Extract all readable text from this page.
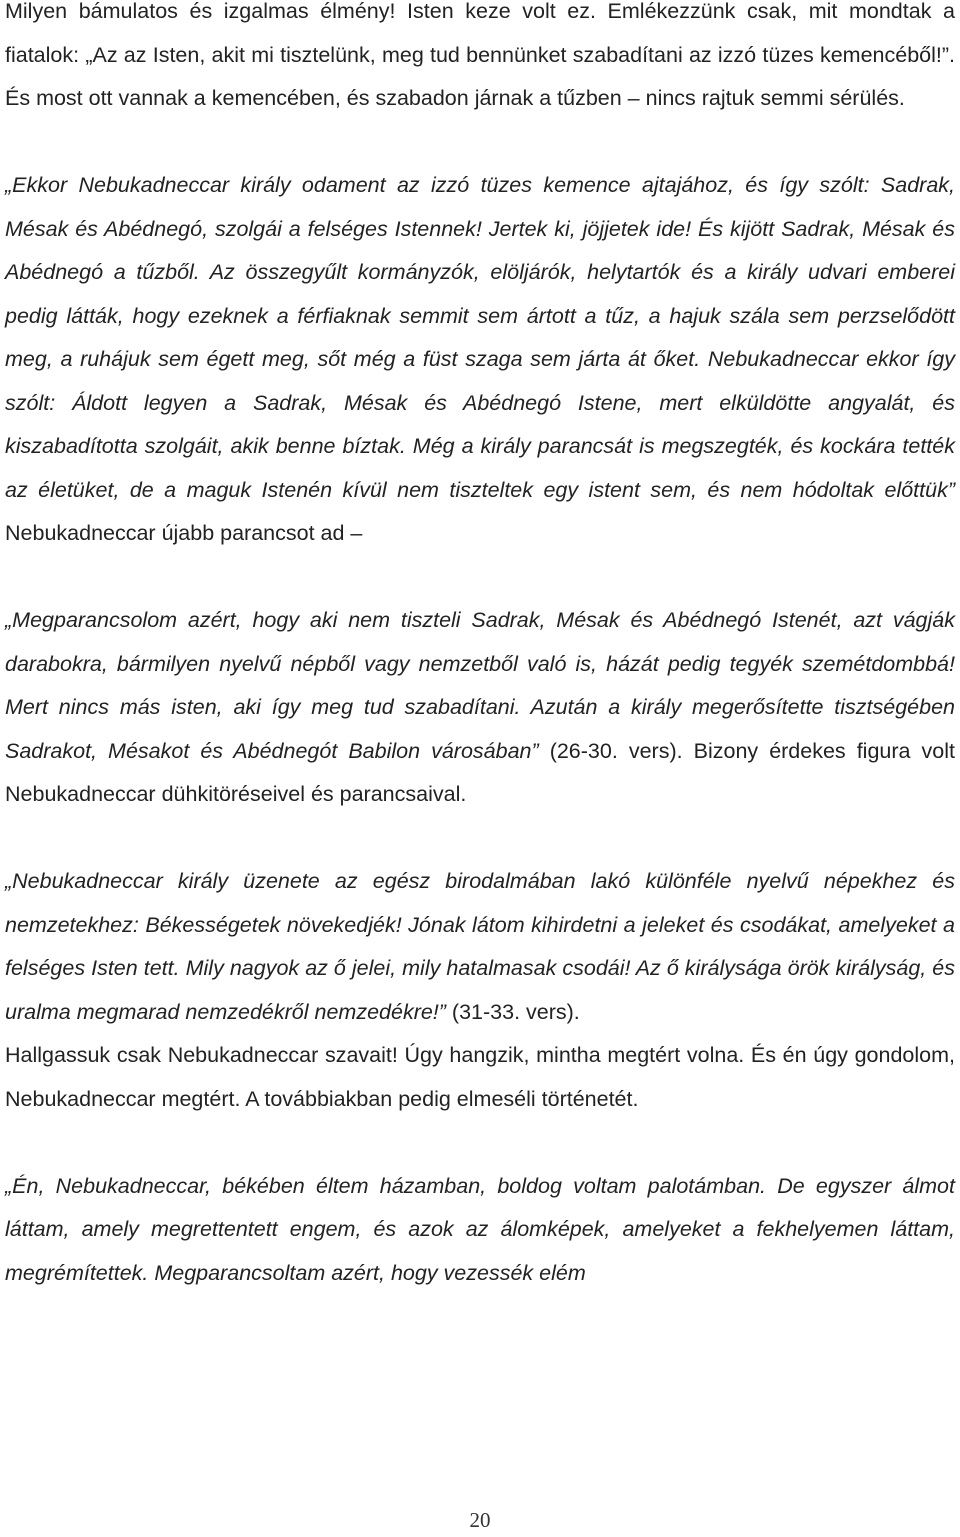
Milyen bámulatos és izgalmas élmény! Isten keze volt ez. Emlékezzünk csak, mit mondtak a fiatalok: „Az az Isten, akit mi tisztelünk, meg tud bennünket szabadítani az izzó tüzes kemencéből!”. És most ott vannak a kemencében, és szabadon járnak a tűzben – nincs rajtuk semmi sérülés.

„Ekkor Nebukadneccar király odament az izzó tüzes kemence ajtajához, és így szólt: Sadrak, Mésak és Abédnegó, szolgái a felséges Istennek! Jertek ki, jöjjetek ide! És kijött Sadrak, Mésak és Abédnegó a tűzből. Az összegyűlt kormányzók, elöljárók, helytartók és a király udvari emberei pedig látták, hogy ezeknek a férfiaknak semmit sem ártott a tűz, a hajuk szála sem perzselődött meg, a ruhájuk sem égett meg, sőt még a füst szaga sem járta át őket. Nebukadneccar ekkor így szólt: Áldott legyen a Sadrak, Mésak és Abédnegó Istene, mert elküldötte angyalát, és kiszabadította szolgáit, akik benne bíztak. Még a király parancsát is megszegték, és kockára tették az életüket, de a maguk Istenén kívül nem tiszteltek egy istent sem, és nem hódoltak előttük” Nebukadneccar újabb parancsot ad –

„Megparancsolom azért, hogy aki nem tiszteli Sadrak, Mésak és Abédnegó Istenét, azt vágják darabokra, bármilyen nyelvű népből vagy nemzetből való is, házát pedig tegyék szemétdombbá! Mert nincs más isten, aki így meg tud szabadítani. Azután a király megerősítette tisztségében Sadrakot, Mésakot és Abédnegót Babilon városában” (26-30. vers). Bizony érdekes figura volt Nebukadneccar dühkitöréseivel és parancsaival.

„Nebukadneccar király üzenete az egész birodalmában lakó különféle nyelvű népekhez és nemzetekhez: Békességetek növekedjék! Jónak látom kihirdetni a jeleket és csodákat, amelyeket a felséges Isten tett. Mily nagyok az ő jelei, mily hatalmasak csodái! Az ő királysága örök királyság, és uralma megmarad nemzedékről nemzedékre!” (31-33. vers).

Hallgassuk csak Nebukadneccar szavait! Úgy hangzik, mintha megtért volna. És én úgy gondolom, Nebukadneccar megtért. A továbbiakban pedig elmeséli történetét.

„Én, Nebukadneccar, békében éltem házamban, boldog voltam palotámban. De egyszer álmot láttam, amely megrettentett engem, és azok az álomképek, amelyeket a fekhelyemen láttam, megrémítettek. Megparancsoltam azért, hogy vezessék elém

20
